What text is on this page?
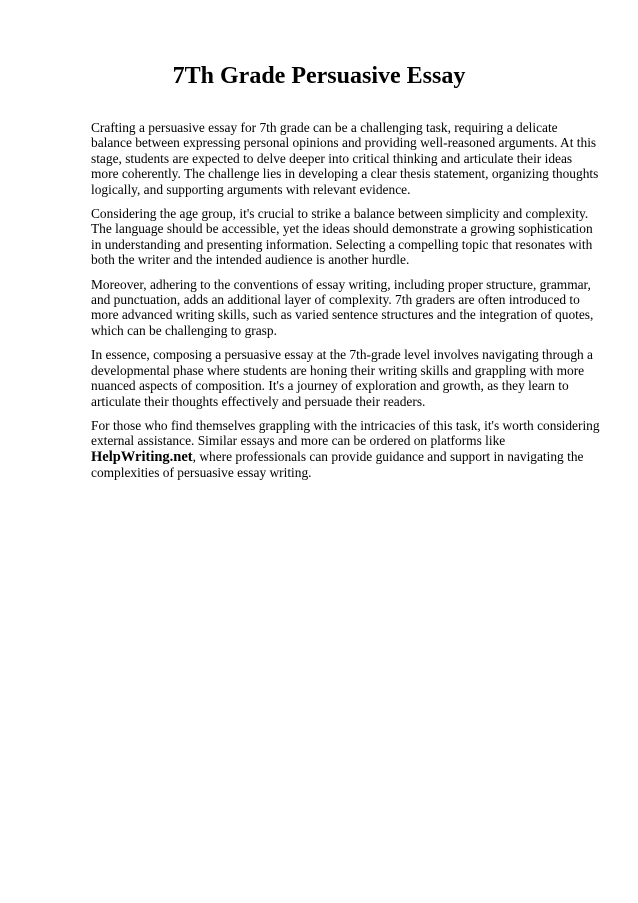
7Th Grade Persuasive Essay

Crafting a persuasive essay for 7th grade can be a challenging task, requiring a delicate balance between expressing personal opinions and providing well-reasoned arguments. At this stage, students are expected to delve deeper into critical thinking and articulate their ideas more coherently. The challenge lies in developing a clear thesis statement, organizing thoughts logically, and supporting arguments with relevant evidence.

Considering the age group, it's crucial to strike a balance between simplicity and complexity. The language should be accessible, yet the ideas should demonstrate a growing sophistication in understanding and presenting information. Selecting a compelling topic that resonates with both the writer and the intended audience is another hurdle.

Moreover, adhering to the conventions of essay writing, including proper structure, grammar, and punctuation, adds an additional layer of complexity. 7th graders are often introduced to more advanced writing skills, such as varied sentence structures and the integration of quotes, which can be challenging to grasp.

In essence, composing a persuasive essay at the 7th-grade level involves navigating through a developmental phase where students are honing their writing skills and grappling with more nuanced aspects of composition. It's a journey of exploration and growth, as they learn to articulate their thoughts effectively and persuade their readers.

For those who find themselves grappling with the intricacies of this task, it's worth considering external assistance. Similar essays and more can be ordered on platforms like HelpWriting.net, where professionals can provide guidance and support in navigating the complexities of persuasive essay writing.
